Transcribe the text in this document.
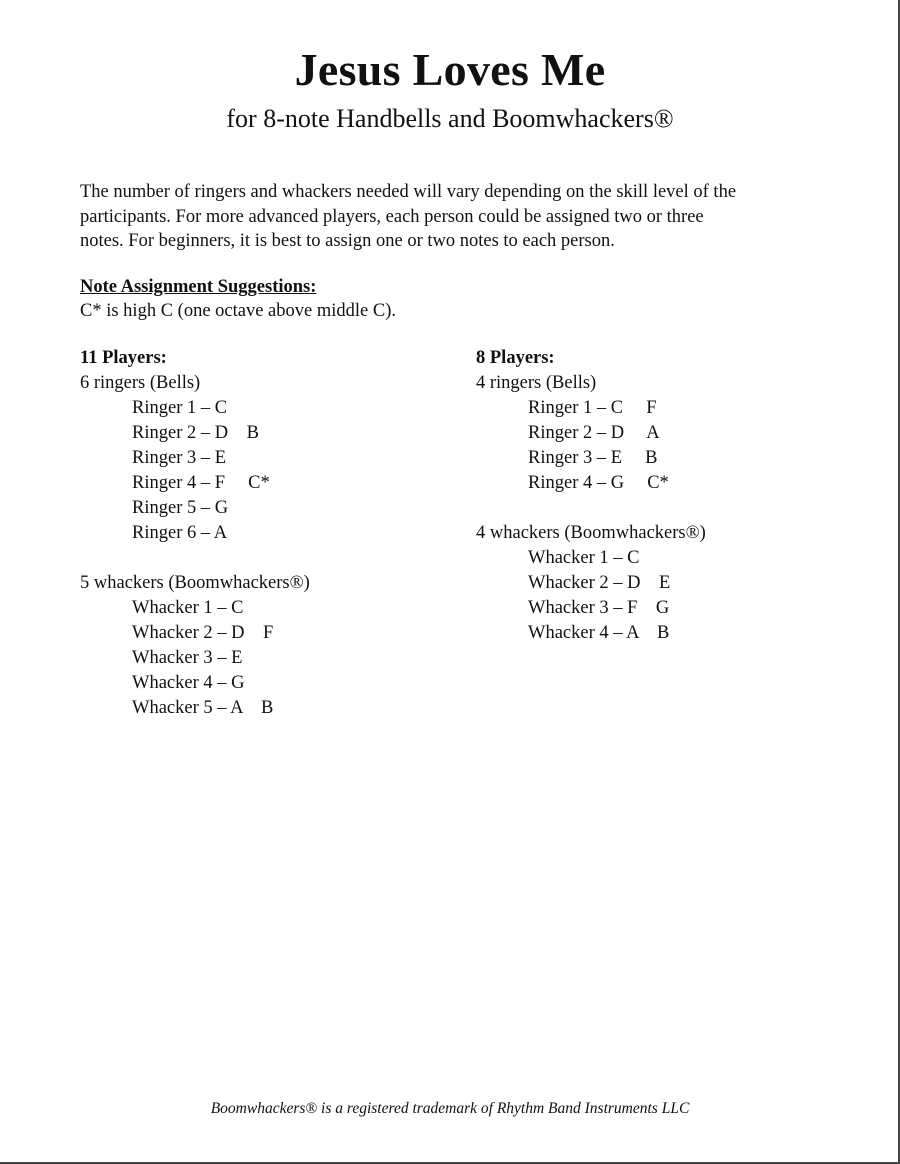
Jesus Loves Me
for 8-note Handbells and Boomwhackers®
The number of ringers and whackers needed will vary depending on the skill level of the
participants. For more advanced players, each person could be assigned two or three
notes. For beginners, it is best to assign one or two notes to each person.
Note Assignment Suggestions:
C* is high C (one octave above middle C).
11 Players:
6 ringers (Bells)
Ringer 1 – C
Ringer 2 – D    B
Ringer 3 – E
Ringer 4 – F     C*
Ringer 5 – G
Ringer 6 – A
5 whackers (Boomwhackers®)
Whacker 1 – C
Whacker 2 – D    F
Whacker 3 – E
Whacker 4 – G
Whacker 5 – A    B
8 Players:
4 ringers (Bells)
Ringer 1 – C     F
Ringer 2 – D     A
Ringer 3 – E     B
Ringer 4 – G     C*
4 whackers (Boomwhackers®)
Whacker 1 – C
Whacker 2 – D    E
Whacker 3 – F    G
Whacker 4 – A    B
Boomwhackers® is a registered trademark of Rhythm Band Instruments LLC
